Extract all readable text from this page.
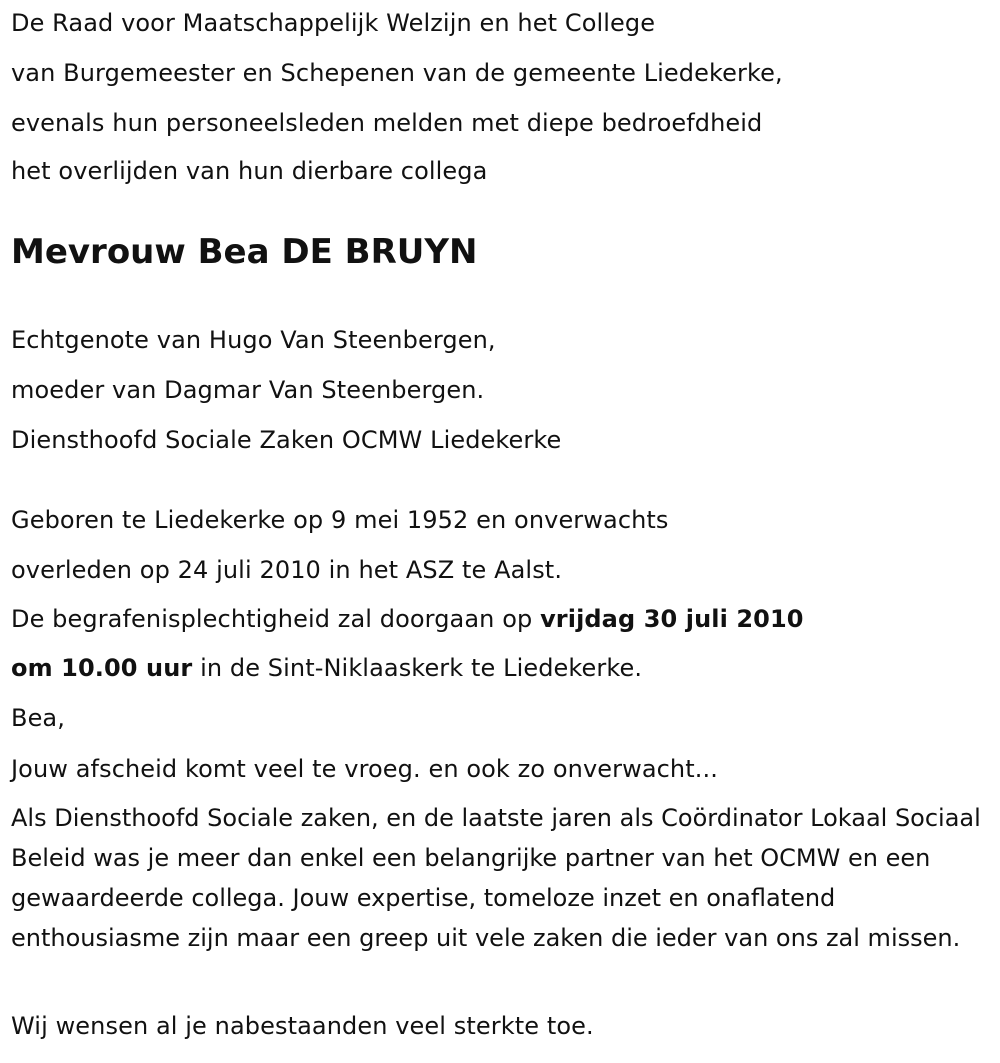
De Raad voor Maatschappelijk Welzijn en het College
van Burgemeester en Schepenen van de gemeente Liedekerke,
evenals hun personeelsleden melden met diepe bedroefdheid
het overlijden van hun dierbare collega
Mevrouw Bea DE BRUYN
Echtgenote van Hugo Van Steenbergen,
moeder van Dagmar Van Steenbergen.
Diensthoofd Sociale Zaken OCMW Liedekerke
Geboren te Liedekerke op 9 mei 1952 en onverwachts
overleden op 24 juli 2010 in het ASZ te Aalst.
De begrafenisplechtigheid zal doorgaan op vrijdag 30 juli 2010
om 10.00 uur in de Sint-Niklaaskerk te Liedekerke.
Bea,
Jouw afscheid komt veel te vroeg. en ook zo onverwacht...
Als Diensthoofd Sociale zaken, en de laatste jaren als Coördinator Lokaal Sociaal Beleid was je meer dan enkel een belangrijke partner van het OCMW en een gewaardeerde collega. Jouw expertise, tomeloze inzet en onaflatend enthousiasme zijn maar een greep uit vele zaken die ieder van ons zal missen.
Wij wensen al je nabestaanden veel sterkte toe.
